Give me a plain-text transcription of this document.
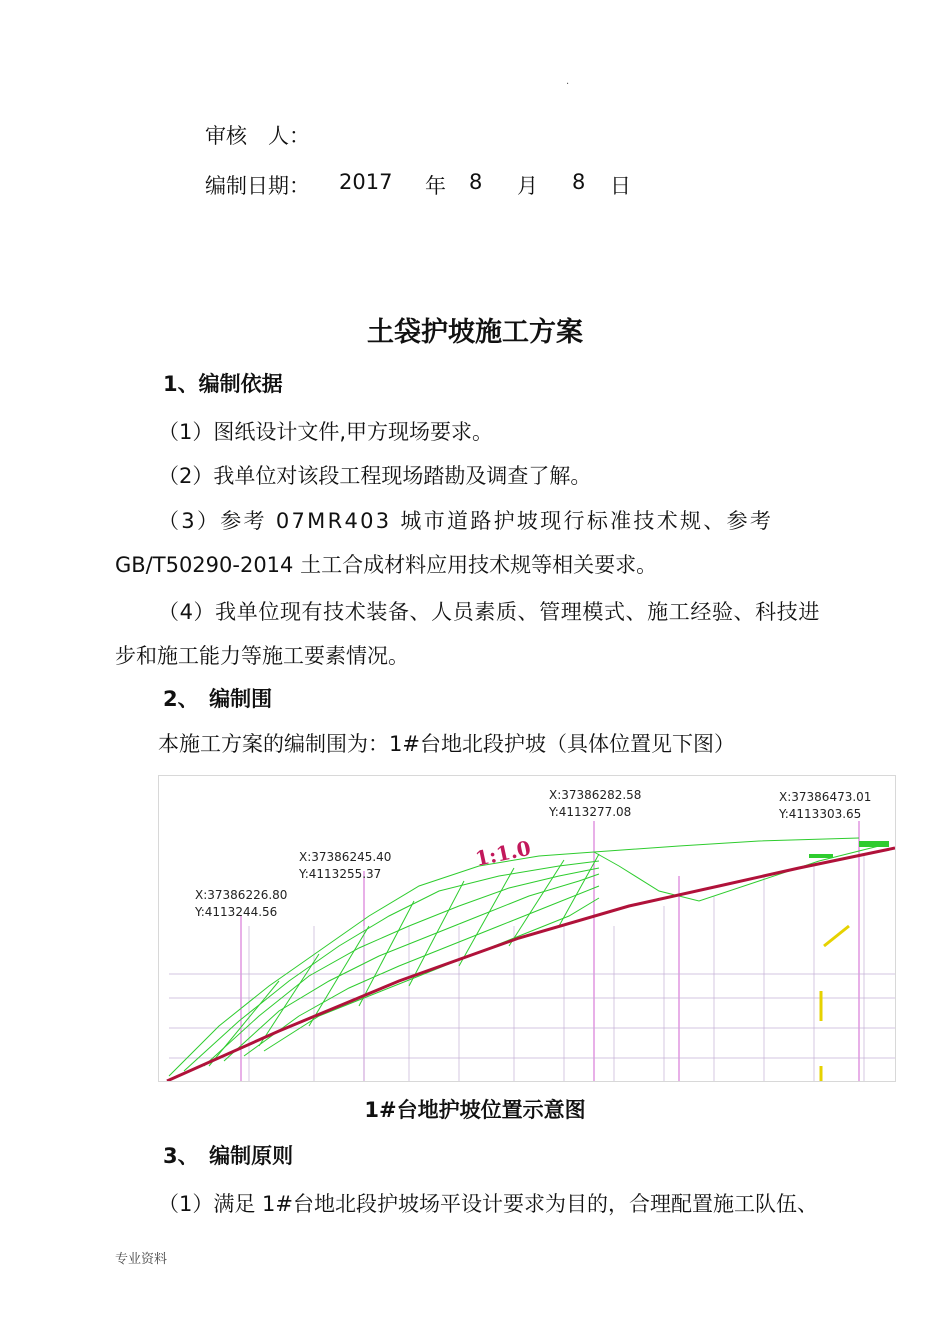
.
审核　人：
编制日期： 2017 年 8 月 8 日
土袋护坡施工方案
1、编制依据
（1）图纸设计文件,甲方现场要求。
（2）我单位对该段工程现场踏勘及调查了解。
（3）参考 07MR403 城市道路护坡现行标准技术规、参考
GB/T50290-2014 土工合成材料应用技术规等相关要求。
（4）我单位现有技术装备、人员素质、管理模式、施工经验、科技进
步和施工能力等施工要素情况。
2、　编制围
本施工方案的编制围为：1#台地北段护坡（具体位置见下图）
X:37386226.80
Y:4113244.56
X:37386245.40
Y:4113255.37
X:37386282.58
Y:4113277.08
X:37386473.01
Y:4113303.65
1:1.0
1#台地护坡位置示意图
3、　编制原则
（1）满足 1#台地北段护坡场平设计要求为目的，合理配置施工队伍、
专业资料
